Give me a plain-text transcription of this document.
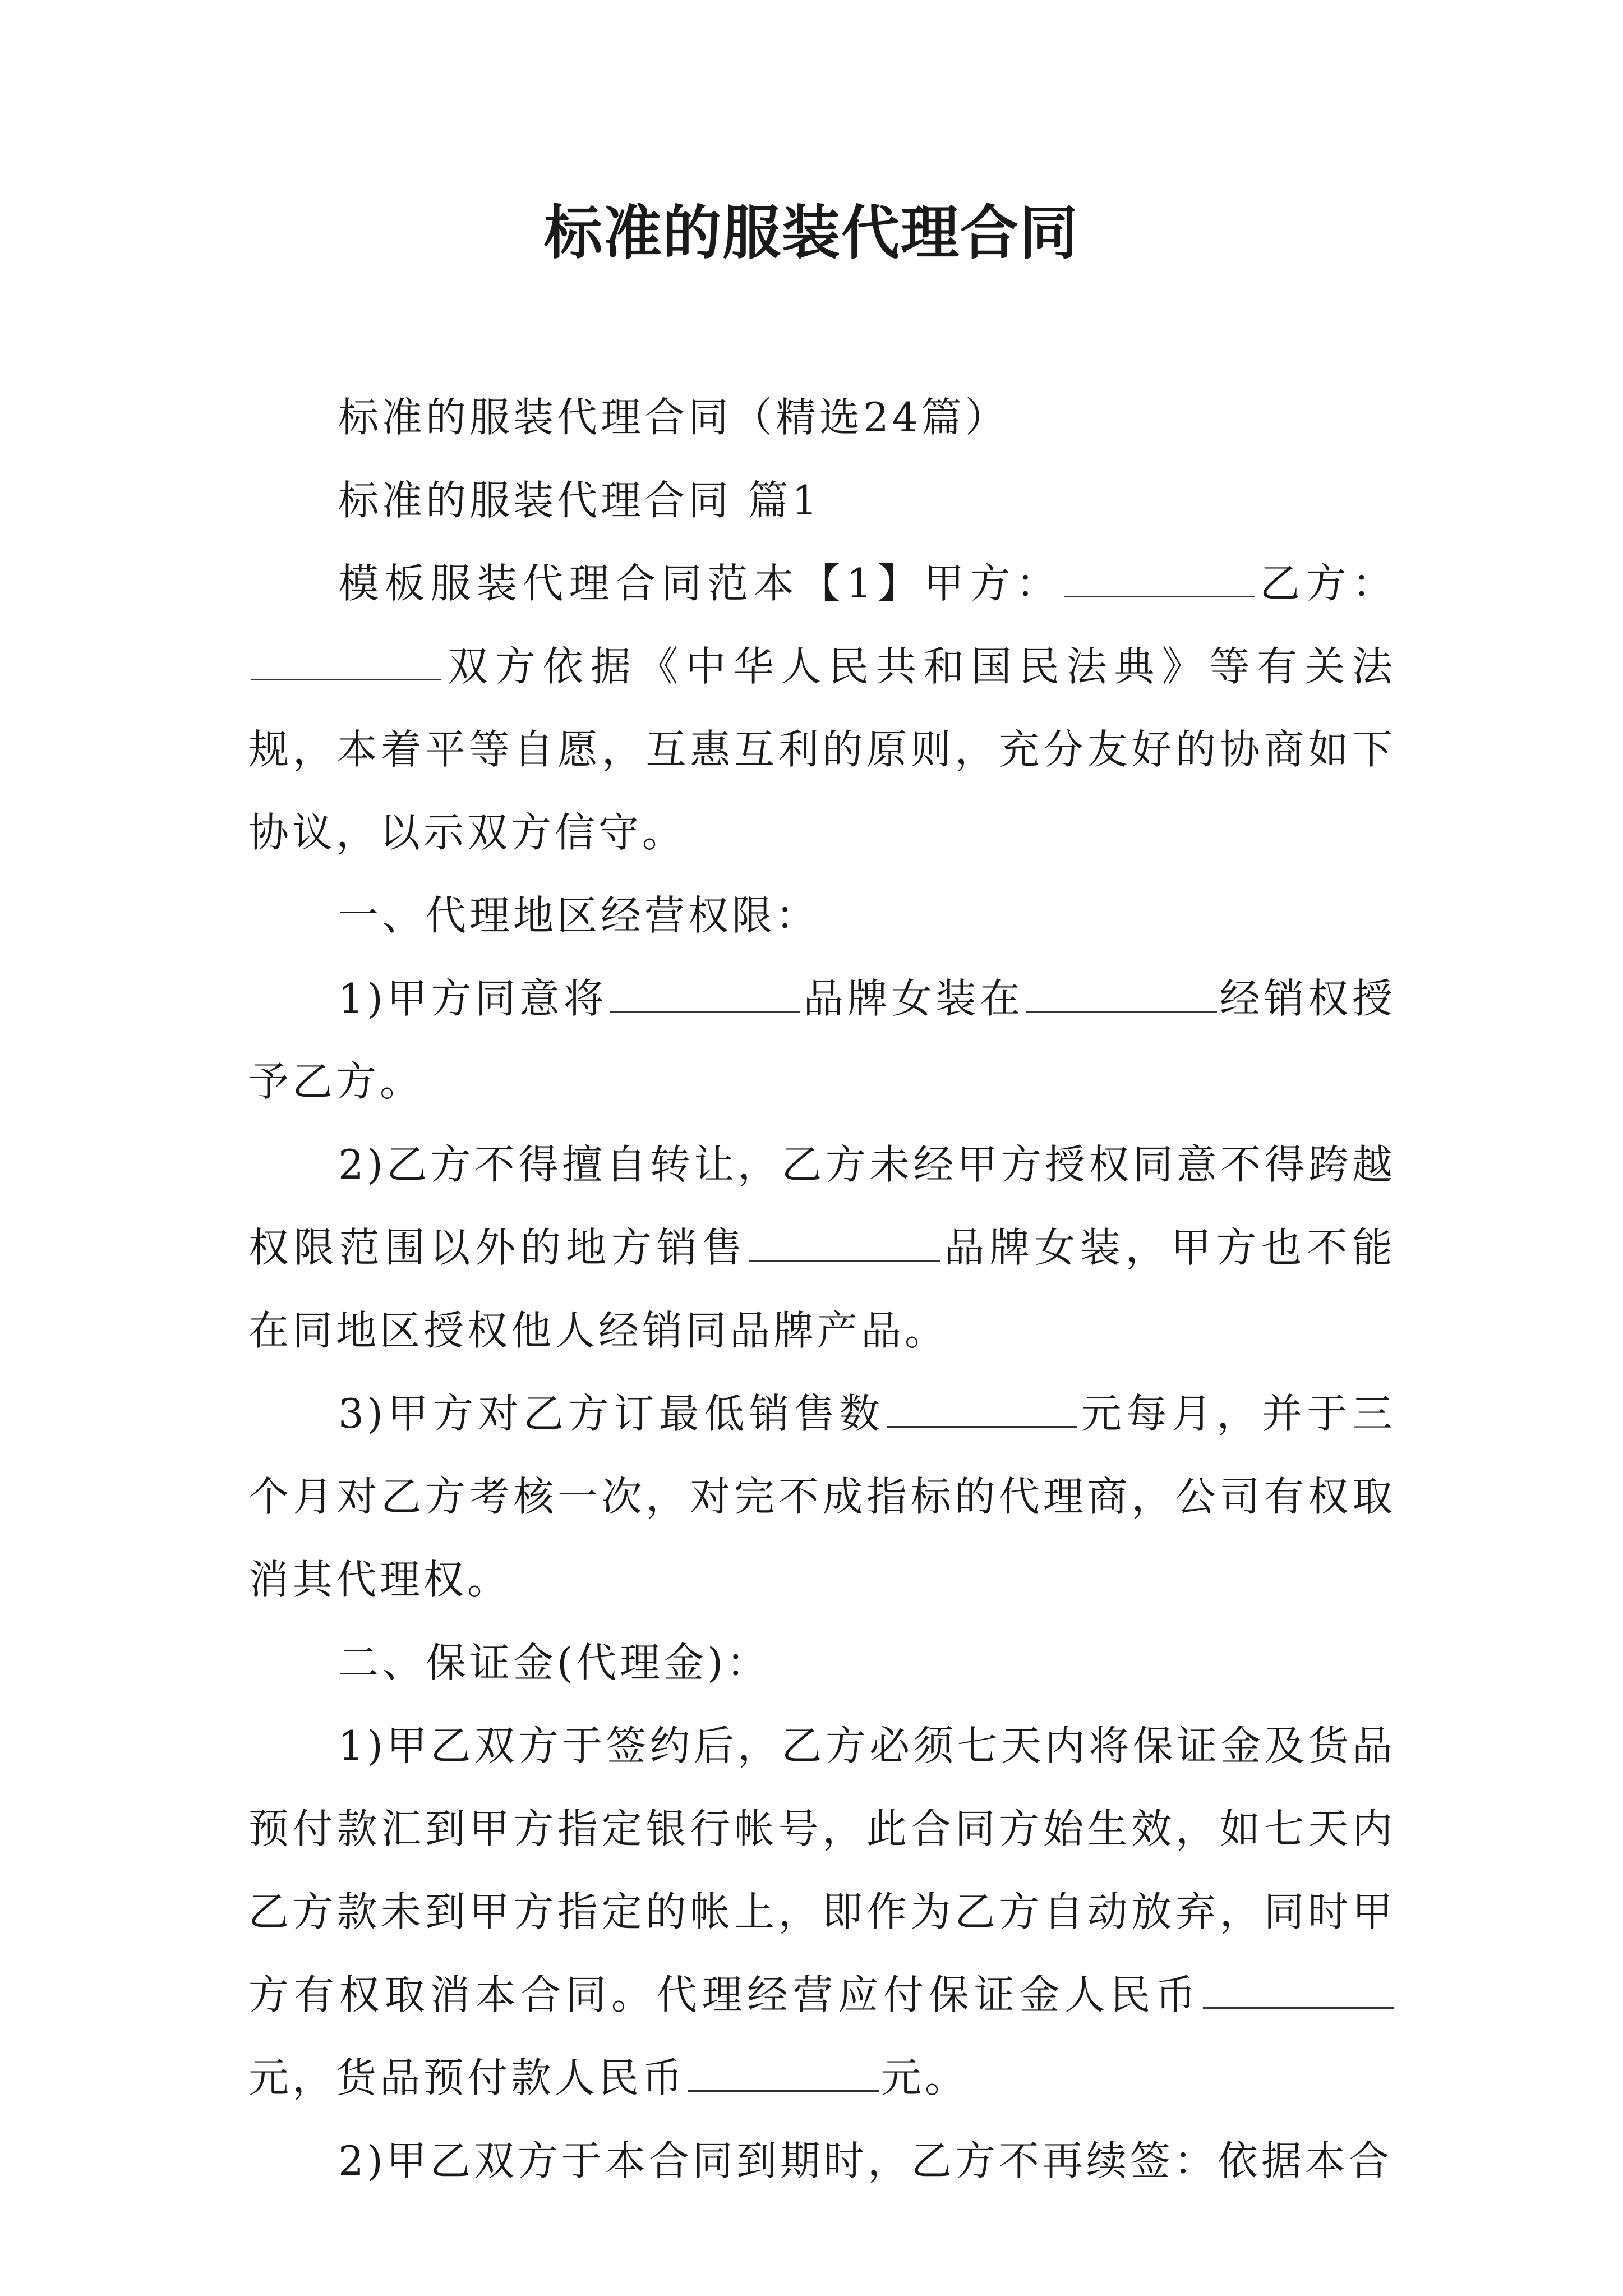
标准的服装代理合同

标准的服装代理合同（精选24篇）

标准的服装代理合同 篇1

模板服装代理合同范本【1】甲方：	乙方：双方依据《中华人民共和国民法典》等有关法规，本着平等自愿，互惠互利的原则，充分友好的协商如下协议，以示双方信守。

一、代理地区经营权限：

1)甲方同意将	品牌女装在	经销权授予乙方。

2)乙方不得擅自转让，乙方未经甲方授权同意不得跨越权限范围以外的地方销售	品牌女装，甲方也不能在同地区授权他人经销同品牌产品。

3)甲方对乙方订最低销售数	元每月，并于三个月对乙方考核一次，对完不成指标的代理商，公司有权取消其代理权。

二、保证金(代理金)：

1)甲乙双方于签约后，乙方必须七天内将保证金及货品预付款汇到甲方指定银行帐号，此合同方始生效，如七天内乙方款未到甲方指定的帐上，即作为乙方自动放弃，同时甲方有权取消本合同。代理经营应付保证金人民币元，货品预付款人民币	元。

2)甲乙双方于本合同到期时，乙方不再续签：依据本合
